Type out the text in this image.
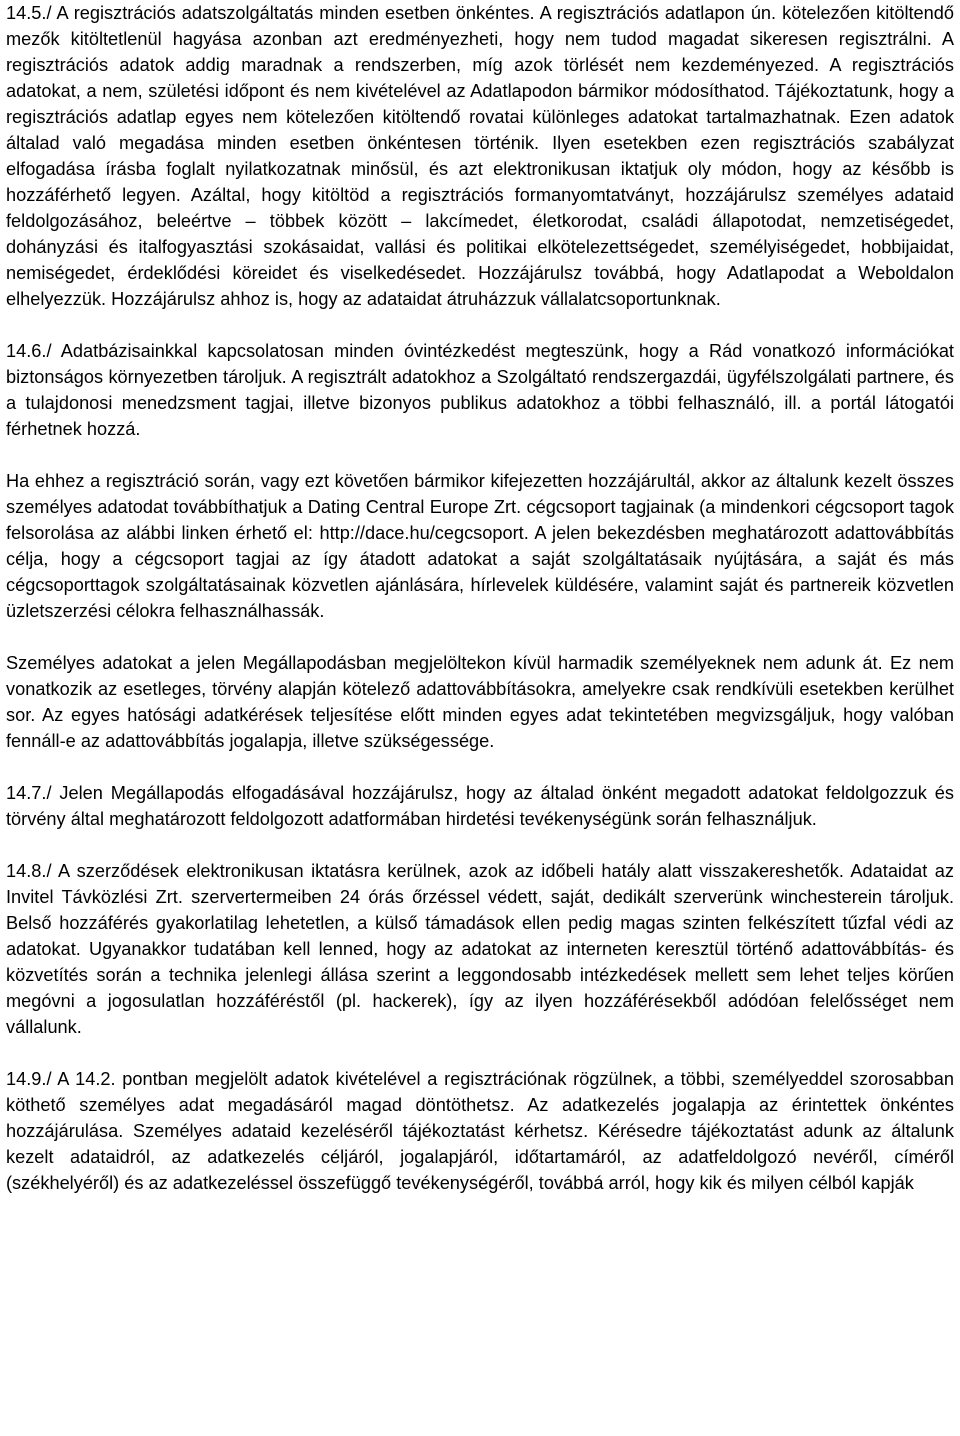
14.5./ A regisztrációs adatszolgáltatás minden esetben önkéntes. A regisztrációs adatlapon ún. kötelezően kitöltendő mezők kitöltetlenül hagyása azonban azt eredményezheti, hogy nem tudod magadat sikeresen regisztrálni. A regisztrációs adatok addig maradnak a rendszerben, míg azok törlését nem kezdeményezed. A regisztrációs adatokat, a nem, születési időpont és nem kivételével az Adatlapodon bármikor módosíthatod. Tájékoztatunk, hogy a regisztrációs adatlap egyes nem kötelezően kitöltendő rovatai különleges adatokat tartalmazhatnak. Ezen adatok általad való megadása minden esetben önkéntesen történik. Ilyen esetekben ezen regisztrációs szabályzat elfogadása írásba foglalt nyilatkozatnak minősül, és azt elektronikusan iktatjuk oly módon, hogy az később is hozzáférhető legyen. Azáltal, hogy kitöltöd a regisztrációs formanyomtatványt, hozzájárulsz személyes adataid feldolgozásához, beleértve – többek között – lakcímedet, életkorodat, családi állapotodat, nemzetiségedet, dohányzási és italfogyasztási szokásaidat, vallási és politikai elkötelezettségedet, személyiségedet, hobbijaidat, nemiségedet, érdeklődési köreidet és viselkedésedet. Hozzájárulsz továbbá, hogy Adatlapodat a Weboldalon elhelyezzük. Hozzájárulsz ahhoz is, hogy az adataidat átruházzuk vállalatcsoportunknak.

14.6./ Adatbázisainkkal kapcsolatosan minden óvintézkedést megteszünk, hogy a Rád vonatkozó információkat biztonságos környezetben tároljuk. A regisztrált adatokhoz a Szolgáltató rendszergazdái, ügyfélszolgálati partnere, és a tulajdonosi menedzsment tagjai, illetve bizonyos publikus adatokhoz a többi felhasználó, ill. a portál látogatói férhetnek hozzá.

Ha ehhez a regisztráció során, vagy ezt követően bármikor kifejezetten hozzájárultál, akkor az általunk kezelt összes személyes adatodat továbbíthatjuk a Dating Central Europe Zrt. cégcsoport tagjainak (a mindenkori cégcsoport tagok felsorolása az alábbi linken érhető el: http://dace.hu/cegcsoport. A jelen bekezdésben meghatározott adattovábbítás célja, hogy a cégcsoport tagjai az így átadott adatokat a saját szolgáltatásaik nyújtására, a saját és más cégcsoporttagok szolgáltatásainak közvetlen ajánlására, hírlevelek küldésére, valamint saját és partnereik közvetlen üzletszerzési célokra felhasználhassák.

Személyes adatokat a jelen Megállapodásban megjelöltekon kívül harmadik személyeknek nem adunk át. Ez nem vonatkozik az esetleges, törvény alapján kötelező adattovábbításokra, amelyekre csak rendkívüli esetekben kerülhet sor. Az egyes hatósági adatkérések teljesítése előtt minden egyes adat tekintetében megvizsgáljuk, hogy valóban fennáll-e az adattovábbítás jogalapja, illetve szükségessége.

14.7./ Jelen Megállapodás elfogadásával hozzájárulsz, hogy az általad önként megadott adatokat feldolgozzuk és törvény által meghatározott feldolgozott adatformában hirdetési tevékenységünk során felhasználjuk.

14.8./ A szerződések elektronikusan iktatásra kerülnek, azok az időbeli hatály alatt visszakereshetők. Adataidat az Invitel Távközlési Zrt. szervertermeiben 24 órás őrzéssel védett, saját, dedikált szerverünk winchesterein tároljuk. Belső hozzáférés gyakorlatilag lehetetlen, a külső támadások ellen pedig magas szinten felkészített tűzfal védi az adatokat. Ugyanakkor tudatában kell lenned, hogy az adatokat az interneten keresztül történő adattovábbítás- és közvetítés során a technika jelenlegi állása szerint a leggondosabb intézkedések mellett sem lehet teljes körűen megóvni a jogosulatlan hozzáféréstől (pl. hackerek), így az ilyen hozzáférésekből adódóan felelősséget nem vállalunk.

14.9./ A 14.2. pontban megjelölt adatok kivételével a regisztrációnak rögzülnek, a többi, személyeddel szorosabban köthető személyes adat megadásáról magad döntöthetsz. Az adatkezelés jogalapja az érintettek önkéntes hozzájárulása. Személyes adataid kezeléséről tájékoztatást kérhetsz. Kérésedre tájékoztatást adunk az általunk kezelt adataidról, az adatkezelés céljáról, jogalapjáról, időtartamáról, az adatfeldolgozó nevéről, címéről (székhelyéről) és az adatkezeléssel összefüggő tevékenységéről, továbbá arról, hogy kik és milyen célból kapják
